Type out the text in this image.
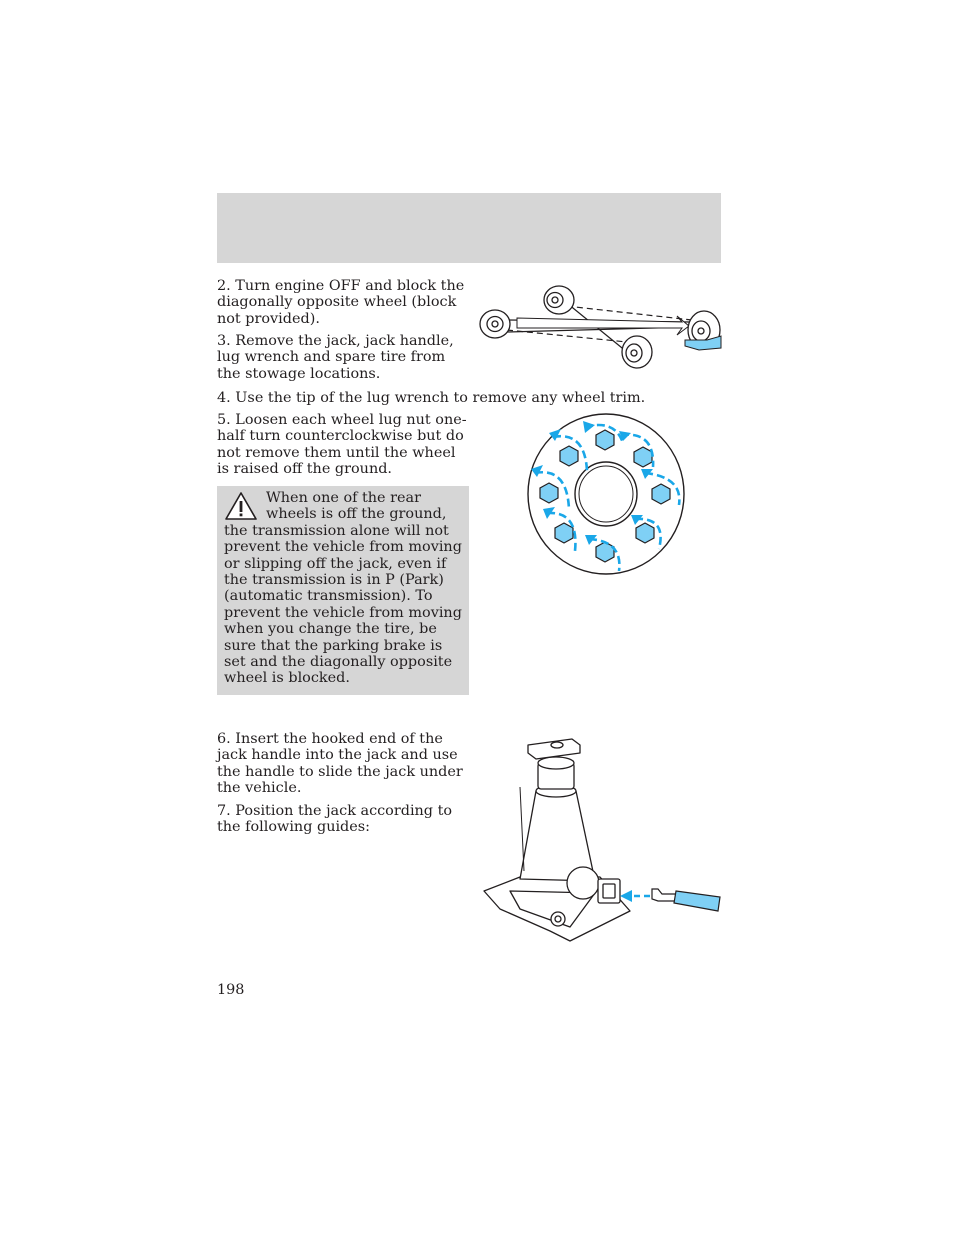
2. Turn engine OFF and block the diagonally opposite wheel (block not provided).

3. Remove the jack, jack handle, lug wrench and spare tire from the stowage locations.

4. Use the tip of the lug wrench to remove any wheel trim.

5. Loosen each wheel lug nut one-half turn counterclockwise but do not remove them until the wheel is raised off the ground.

When one of the rear
wheels is off the ground,
the transmission alone will not prevent the vehicle from moving or slipping off the jack, even if the transmission is in P (Park) (automatic transmission). To prevent the vehicle from moving when you change the tire, be sure that the parking brake is set and the diagonally opposite wheel is blocked.

6. Insert the hooked end of the jack handle into the jack and use the handle to slide the jack under the vehicle.

7. Position the jack according to the following guides:

198
